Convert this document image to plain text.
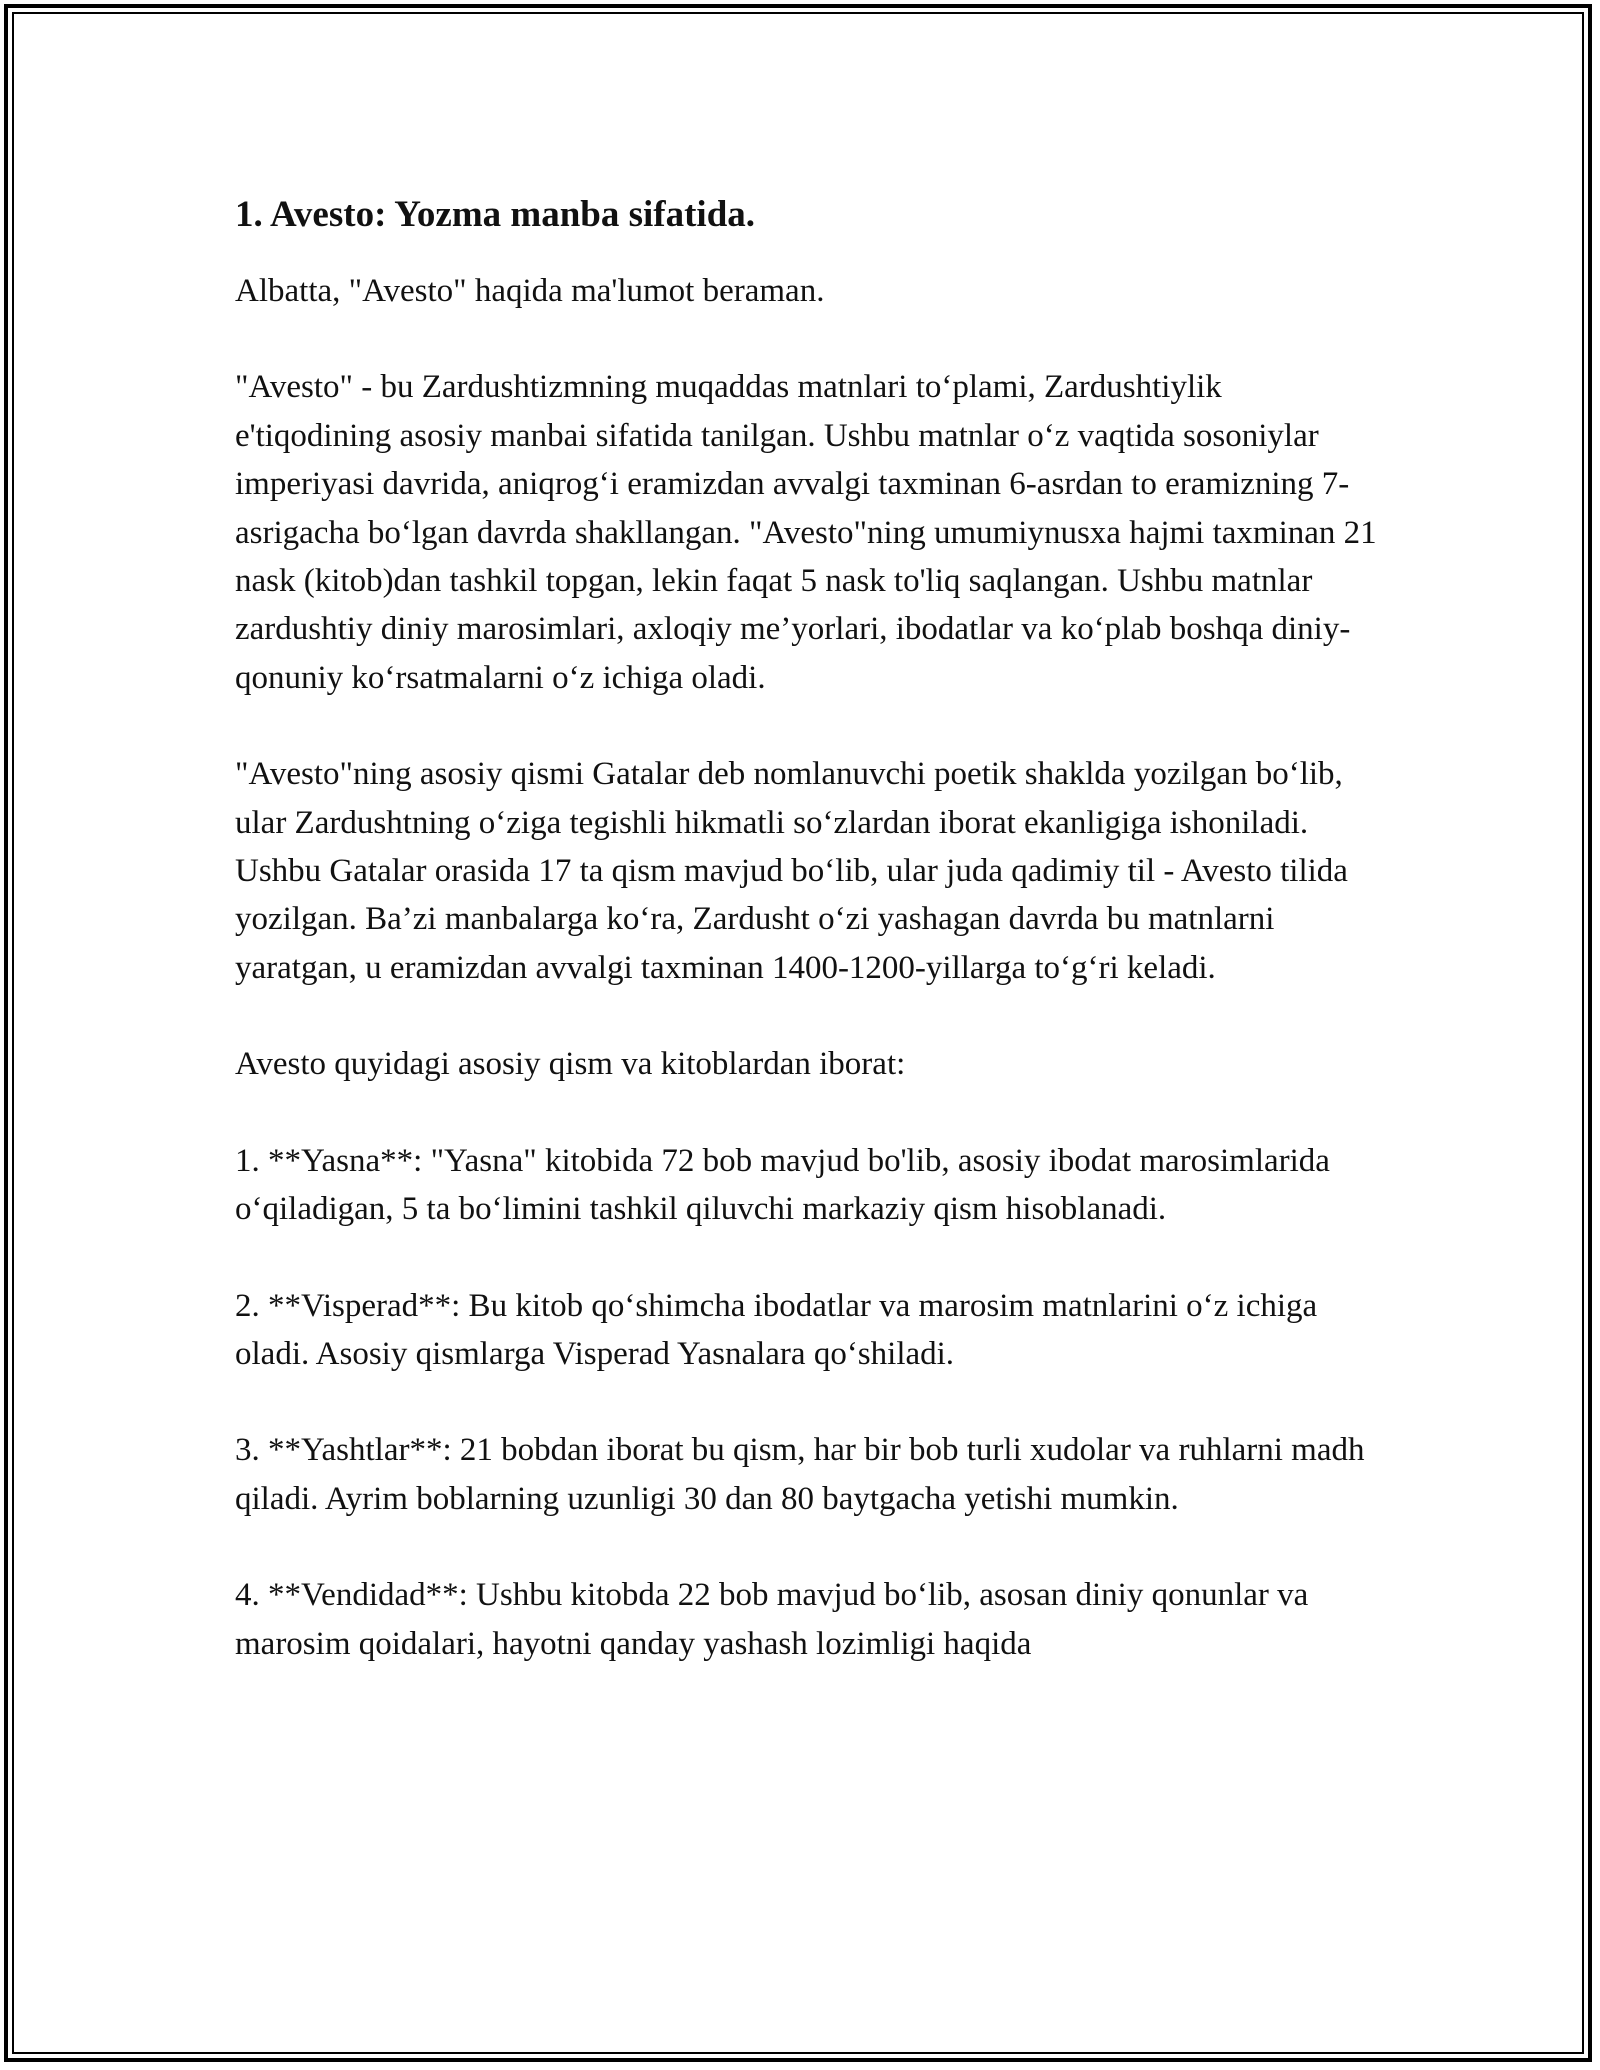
1. Avesto: Yozma manba sifatida.

Albatta, "Avesto" haqida ma'lumot beraman.

"Avesto" - bu Zardushtizmning muqaddas matnlari to‘plami, Zardushtiylik e'tiqodining asosiy manbai sifatida tanilgan. Ushbu matnlar o‘z vaqtida sosoniylar imperiyasi davrida, aniqrog‘i eramizdan avvalgi taxminan 6-asrdan to eramizning 7-asrigacha bo‘lgan davrda shakllangan. "Avesto"ning umumiynusxa hajmi taxminan 21 nask (kitob)dan tashkil topgan, lekin faqat 5 nask to'liq saqlangan. Ushbu matnlar zardushtiy diniy marosimlari, axloqiy me’yorlari, ibodatlar va ko‘plab boshqa diniy-qonuniy ko‘rsatmalarni o‘z ichiga oladi.

"Avesto"ning asosiy qismi Gatalar deb nomlanuvchi poetik shaklda yozilgan bo‘lib, ular Zardushtning o‘ziga tegishli hikmatli so‘zlardan iborat ekanligiga ishoniladi. Ushbu Gatalar orasida 17 ta qism mavjud bo‘lib, ular juda qadimiy til - Avesto tilida yozilgan. Ba’zi manbalarga ko‘ra, Zardusht o‘zi yashagan davrda bu matnlarni yaratgan, u eramizdan avvalgi taxminan 1400-1200-yillarga to‘g‘ri keladi.

Avesto quyidagi asosiy qism va kitoblardan iborat:

1. **Yasna**: "Yasna" kitobida 72 bob mavjud bo'lib, asosiy ibodat marosimlarida o‘qiladigan, 5 ta bo‘limini tashkil qiluvchi markaziy qism hisoblanadi.

2. **Visperad**: Bu kitob qo‘shimcha ibodatlar va marosim matnlarini o‘z ichiga oladi. Asosiy qismlarga Visperad Yasnalara qo‘shiladi.

3. **Yashtlar**: 21 bobdan iborat bu qism, har bir bob turli xudolar va ruhlarni madh qiladi. Ayrim boblarning uzunligi 30 dan 80 baytgacha yetishi mumkin.

4. **Vendidad**: Ushbu kitobda 22 bob mavjud bo‘lib, asosan diniy qonunlar va marosim qoidalari, hayotni qanday yashash lozimligi haqida
